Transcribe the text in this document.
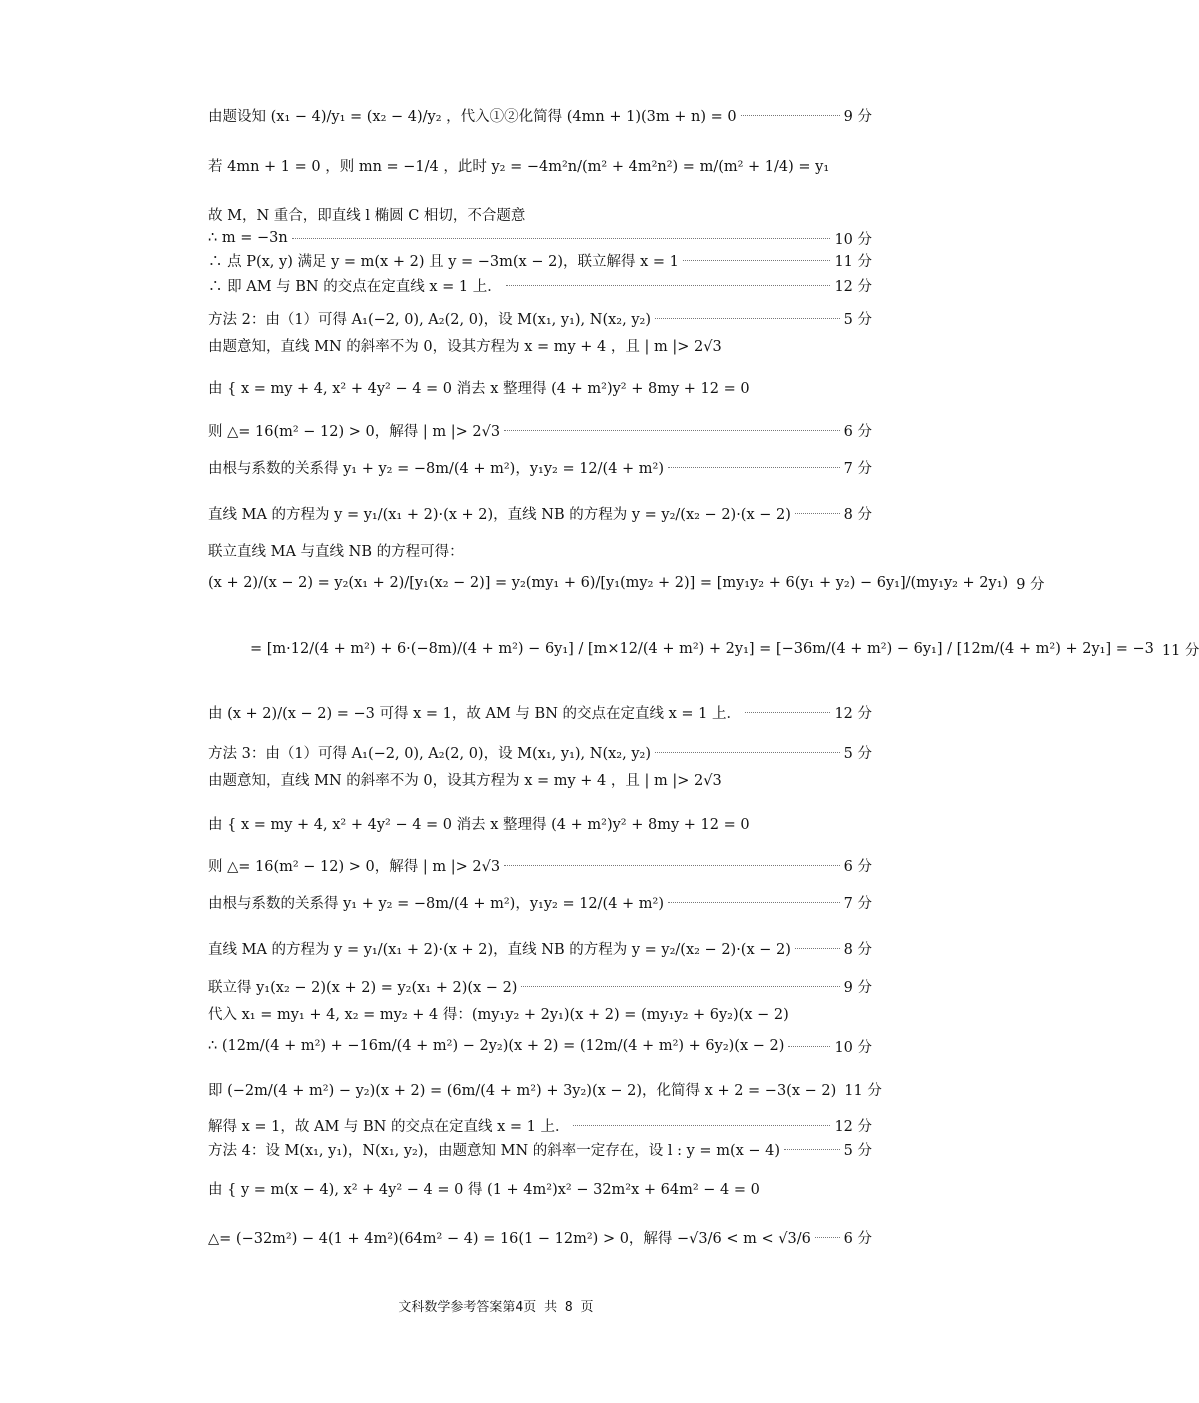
由题设知 (x₁ − 4)/y₁ = (x₂ − 4)/y₂ ，代入①②化简得 (4mn + 1)(3m + n) = 0	9 分
若 4mn + 1 = 0 ，则 mn = −1/4 ，此时 y₂ = −4m²n/(m² + 4m²n²) = m/(m² + 1/4) = y₁
故 M，N 重合，即直线 l 椭圆 C 相切，不合题意
∴ m = −3n	10 分
∴ 点 P(x, y) 满足 y = m(x + 2) 且 y = −3m(x − 2)，联立解得 x = 1	11 分
∴ 即 AM 与 BN 的交点在定直线 x = 1 上．	12 分
方法 2：由（1）可得 A₁(−2, 0), A₂(2, 0)，设 M(x₁, y₁), N(x₂, y₂)	5 分
由题意知，直线 MN 的斜率不为 0，设其方程为 x = my + 4 ，且 | m |> 2√3
由 { x = my + 4, x² + 4y² − 4 = 0 消去 x 整理得 (4 + m²)y² + 8my + 12 = 0
则 △= 16(m² − 12) > 0，解得 | m |> 2√3	6 分
由根与系数的关系得 y₁ + y₂ = −8m/(4 + m²)，y₁y₂ = 12/(4 + m²)	7 分
直线 MA 的方程为 y = y₁/(x₁ + 2)·(x + 2)，直线 NB 的方程为 y = y₂/(x₂ − 2)·(x − 2)	8 分
联立直线 MA 与直线 NB 的方程可得：
(x + 2)/(x − 2) = y₂(x₁ + 2)/[y₁(x₂ − 2)] = y₂(my₁ + 6)/[y₁(my₂ + 2)] = [my₁y₂ + 6(y₁ + y₂) − 6y₁]/(my₁y₂ + 2y₁) 9 分
= [m·12/(4 + m²) + 6·(−8m)/(4 + m²) − 6y₁] / [m×12/(4 + m²) + 2y₁] = [−36m/(4 + m²) − 6y₁] / [12m/(4 + m²) + 2y₁] = −3 11 分
由 (x + 2)/(x − 2) = −3 可得 x = 1，故 AM 与 BN 的交点在定直线 x = 1 上．	12 分
方法 3：由（1）可得 A₁(−2, 0), A₂(2, 0)，设 M(x₁, y₁), N(x₂, y₂)	5 分
由题意知，直线 MN 的斜率不为 0，设其方程为 x = my + 4 ，且 | m |> 2√3
由 { x = my + 4, x² + 4y² − 4 = 0 消去 x 整理得 (4 + m²)y² + 8my + 12 = 0
则 △= 16(m² − 12) > 0，解得 | m |> 2√3	6 分
由根与系数的关系得 y₁ + y₂ = −8m/(4 + m²)，y₁y₂ = 12/(4 + m²)	7 分
直线 MA 的方程为 y = y₁/(x₁ + 2)·(x + 2)，直线 NB 的方程为 y = y₂/(x₂ − 2)·(x − 2)	8 分
联立得 y₁(x₂ − 2)(x + 2) = y₂(x₁ + 2)(x − 2)	9 分
代入 x₁ = my₁ + 4, x₂ = my₂ + 4 得：(my₁y₂ + 2y₁)(x + 2) = (my₁y₂ + 6y₂)(x − 2)
∴ (12m/(4 + m²) + −16m/(4 + m²) − 2y₂)(x + 2) = (12m/(4 + m²) + 6y₂)(x − 2)	10 分
即 (−2m/(4 + m²) − y₂)(x + 2) = (6m/(4 + m²) + 3y₂)(x − 2)，化简得 x + 2 = −3(x − 2) 11 分
解得 x = 1，故 AM 与 BN 的交点在定直线 x = 1 上．	12 分
方法 4：设 M(x₁, y₁)，N(x₁, y₂)，由题意知 MN 的斜率一定存在，设 l : y = m(x − 4)	5 分
由 { y = m(x − 4), x² + 4y² − 4 = 0 得 (1 + 4m²)x² − 32m²x + 64m² − 4 = 0
△= (−32m²) − 4(1 + 4m²)(64m² − 4) = 16(1 − 12m²) > 0，解得 −√3/6 < m < √3/6 6 分
文科数学参考答案第4页 共 8 页
